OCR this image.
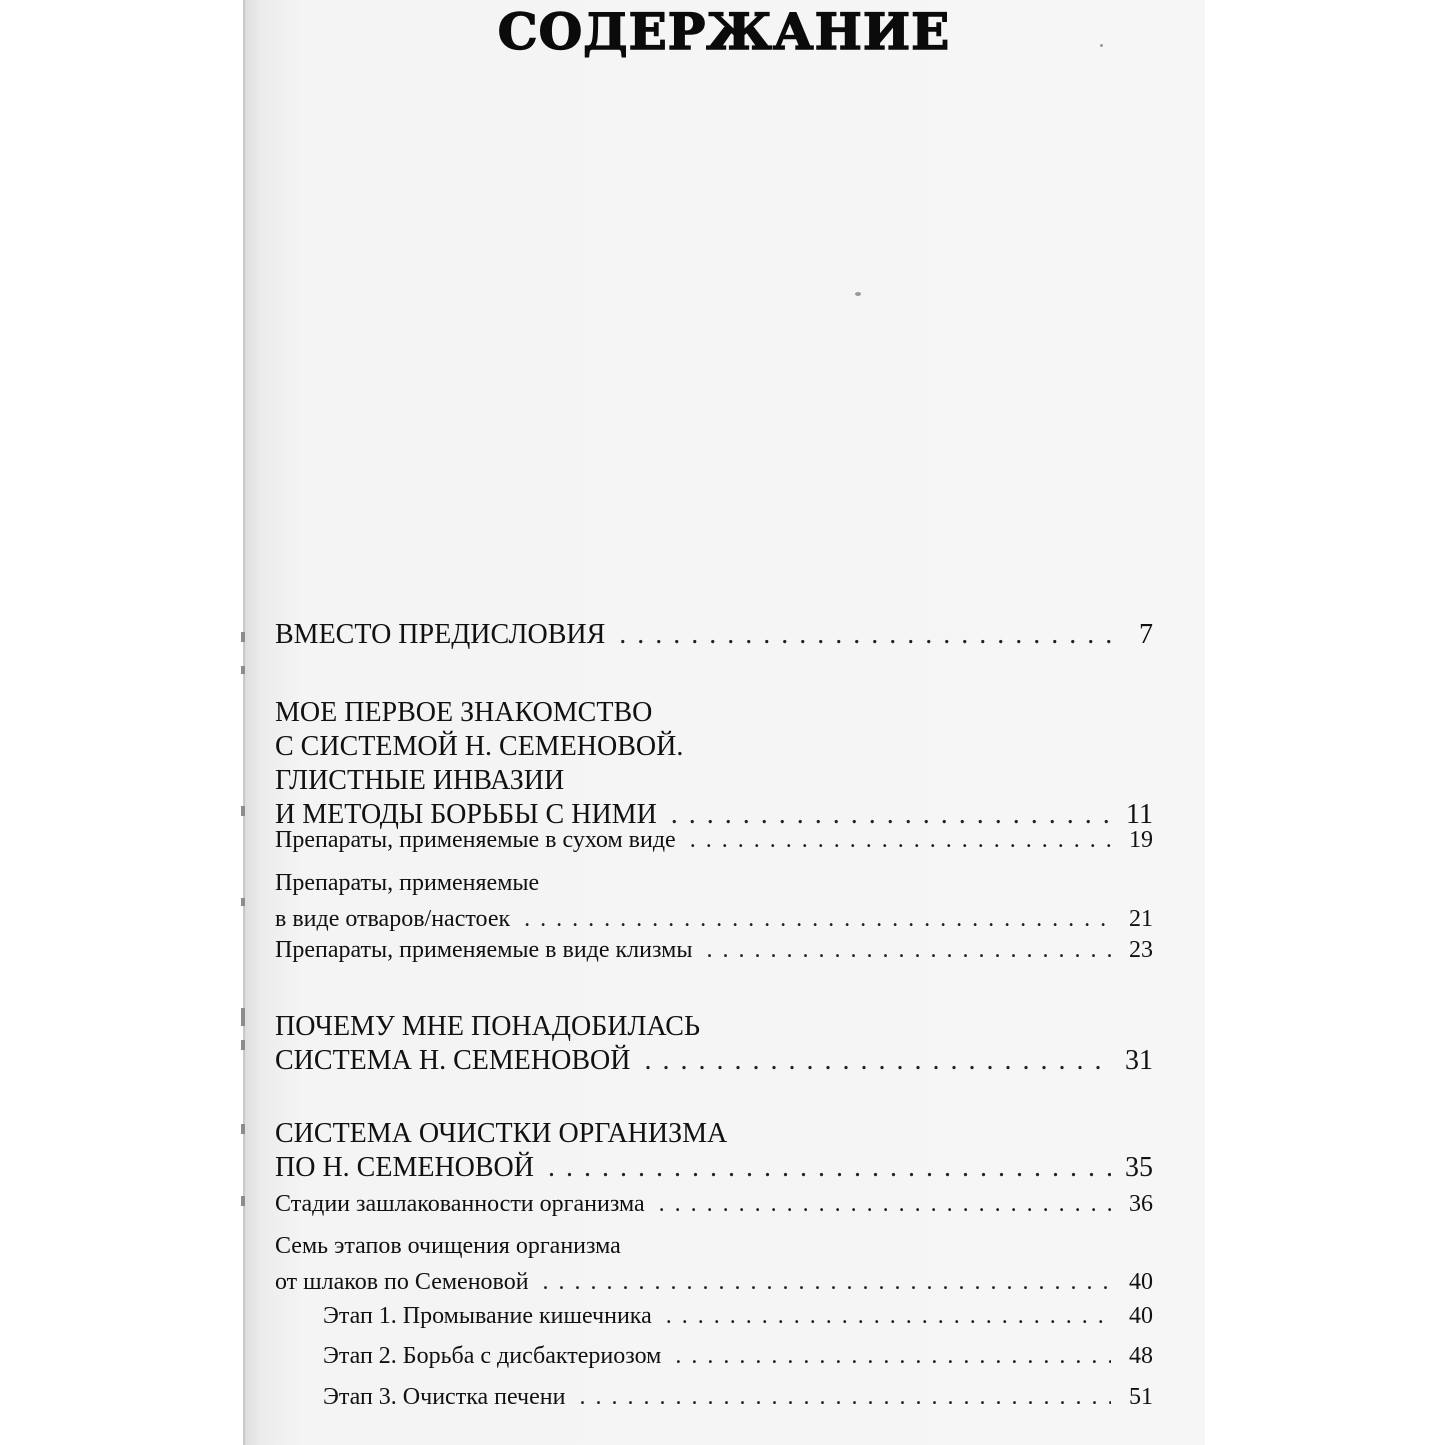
СОДЕРЖАНИЕ
ВМЕСТО ПРЕДИСЛОВИЯ . . .	7
МОЕ ПЕРВОЕ ЗНАКОМСТВО
С СИСТЕМОЙ Н. СЕМЕНОВОЙ.
ГЛИСТНЫЕ ИНВАЗИИ
И МЕТОДЫ БОРЬБЫ С НИМИ . . .	11
Препараты, применяемые в сухом виде . . .	19
Препараты, применяемые
в виде отваров/настоек . . .	21
Препараты, применяемые в виде клизмы . . .	23
ПОЧЕМУ МНЕ ПОНАДОБИЛАСЬ
СИСТЕМА Н. СЕМЕНОВОЙ . . .	31
СИСТЕМА ОЧИСТКИ ОРГАНИЗМА
ПО Н. СЕМЕНОВОЙ . . .	35
Стадии зашлакованности организма . . .	36
Семь этапов очищения организма
от шлаков по Семеновой . . .	40
Этап 1. Промывание кишечника . . .	40
Этап 2. Борьба с дисбактериозом . . .	48
Этап 3. Очистка печени . . .	51
